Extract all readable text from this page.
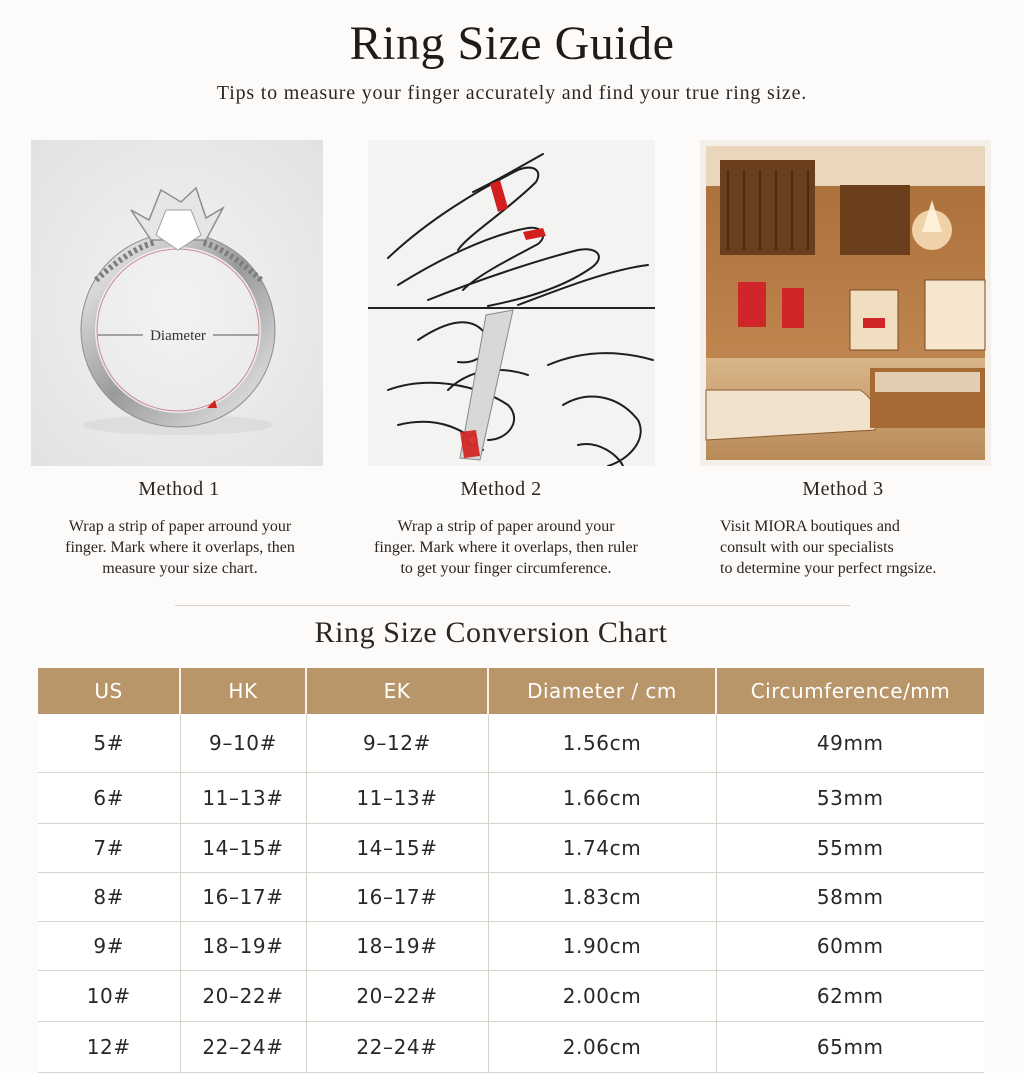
Ring Size Guide
Tips to measure your finger accurately and find your true ring size.
Diameter
Method 1	Method 2	Method 3
Wrap a strip of paper arround your
finger. Mark where it overlaps, then
measure your size chart.
Wrap a strip of paper around your
finger. Mark where it overlaps, then ruler
to get your finger circumference.
Visit MIORA boutiques and
consult with our specialists
to determine your perfect rngsize.
Ring Size Conversion Chart
US	HK	EK	Diameter / cm	Circumference/mm
5#	9–10#	9–12#	1.56cm	49mm
6#	11–13#	11–13#	1.66cm	53mm
7#	14–15#	14–15#	1.74cm	55mm
8#	16–17#	16–17#	1.83cm	58mm
9#	18–19#	18–19#	1.90cm	60mm
10#	20–22#	20–22#	2.00cm	62mm
12#	22–24#	22–24#	2.06cm	65mm
